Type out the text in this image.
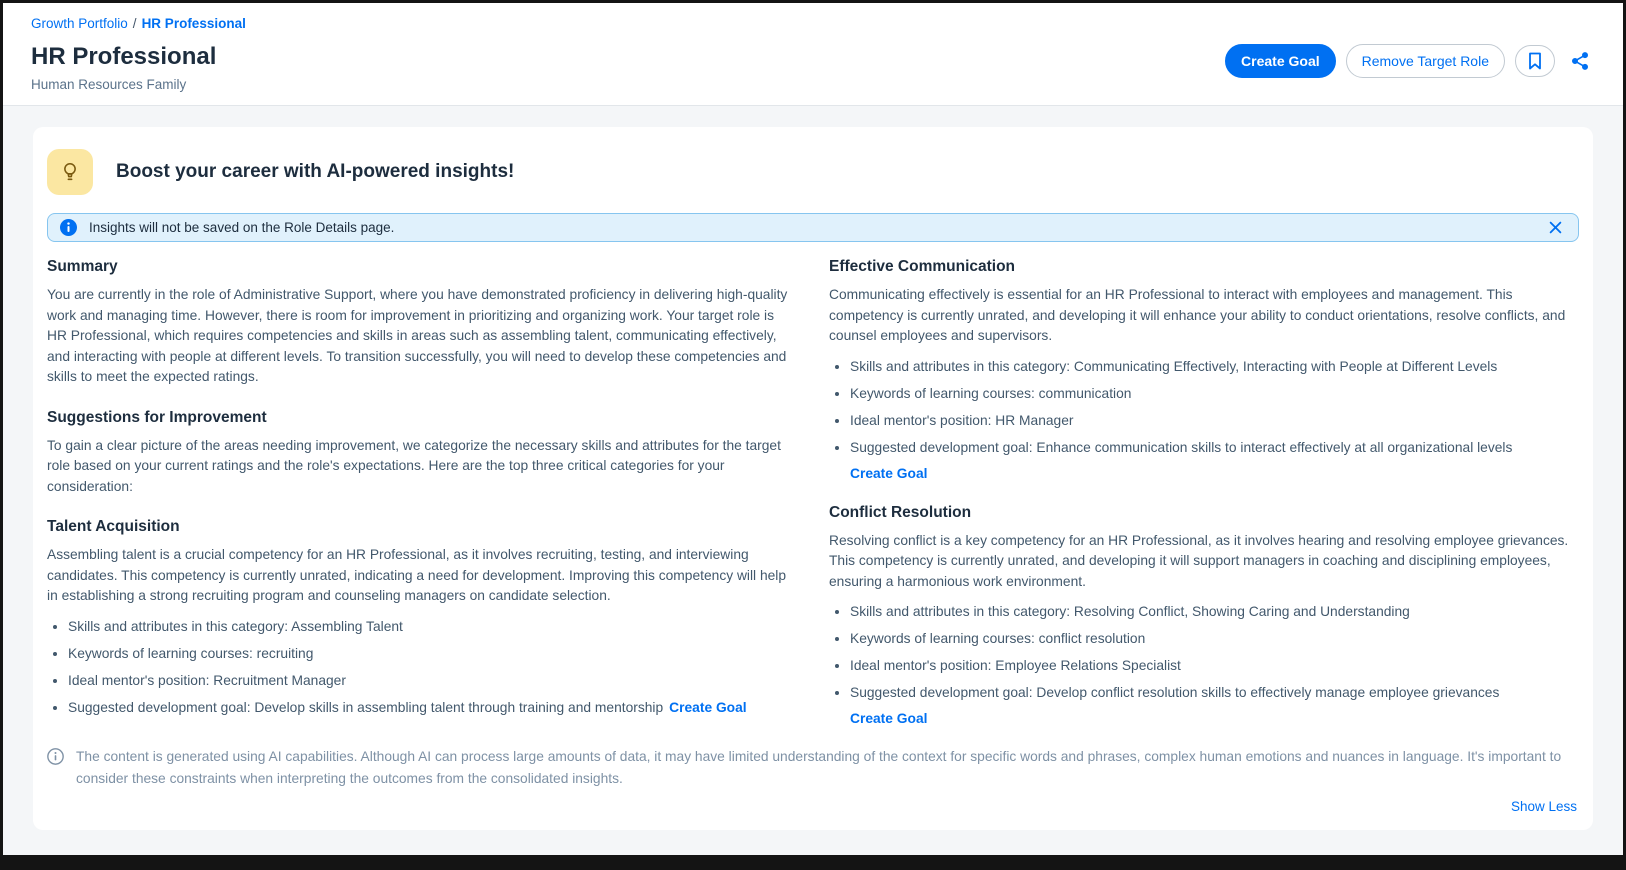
Growth Portfolio / HR Professional
HR Professional
Human Resources Family
Create Goal	Remove Target Role
Boost your career with AI-powered insights!
Insights will not be saved on the Role Details page.
Summary

You are currently in the role of Administrative Support, where you have demonstrated proficiency in delivering high-quality work and managing time. However, there is room for improvement in prioritizing and organizing work. Your target role is HR Professional, which requires competencies and skills in areas such as assembling talent, communicating effectively, and interacting with people at different levels. To transition successfully, you will need to develop these competencies and skills to meet the expected ratings.

Suggestions for Improvement

To gain a clear picture of the areas needing improvement, we categorize the necessary skills and attributes for the target role based on your current ratings and the role's expectations. Here are the top three critical categories for your consideration:

Talent Acquisition

Assembling talent is a crucial competency for an HR Professional, as it involves recruiting, testing, and interviewing candidates. This competency is currently unrated, indicating a need for development. Improving this competency will help in establishing a strong recruiting program and counseling managers on candidate selection.

• Skills and attributes in this category: Assembling Talent
• Keywords of learning courses: recruiting
• Ideal mentor's position: Recruitment Manager
• Suggested development goal: Develop skills in assembling talent through training and mentorship Create Goal
Effective Communication

Communicating effectively is essential for an HR Professional to interact with employees and management. This competency is currently unrated, and developing it will enhance your ability to conduct orientations, resolve conflicts, and counsel employees and supervisors.

• Skills and attributes in this category: Communicating Effectively, Interacting with People at Different Levels
• Keywords of learning courses: communication
• Ideal mentor's position: HR Manager
• Suggested development goal: Enhance communication skills to interact effectively at all organizational levels
Create Goal
Conflict Resolution

Resolving conflict is a key competency for an HR Professional, as it involves hearing and resolving employee grievances. This competency is currently unrated, and developing it will support managers in coaching and disciplining employees, ensuring a harmonious work environment.

• Skills and attributes in this category: Resolving Conflict, Showing Caring and Understanding
• Keywords of learning courses: conflict resolution
• Ideal mentor's position: Employee Relations Specialist
• Suggested development goal: Develop conflict resolution skills to effectively manage employee grievances
Create Goal
The content is generated using AI capabilities. Although AI can process large amounts of data, it may have limited understanding of the context for specific words and phrases, complex human emotions and nuances in language. It's important to consider these constraints when interpreting the outcomes from the consolidated insights.
Show Less
